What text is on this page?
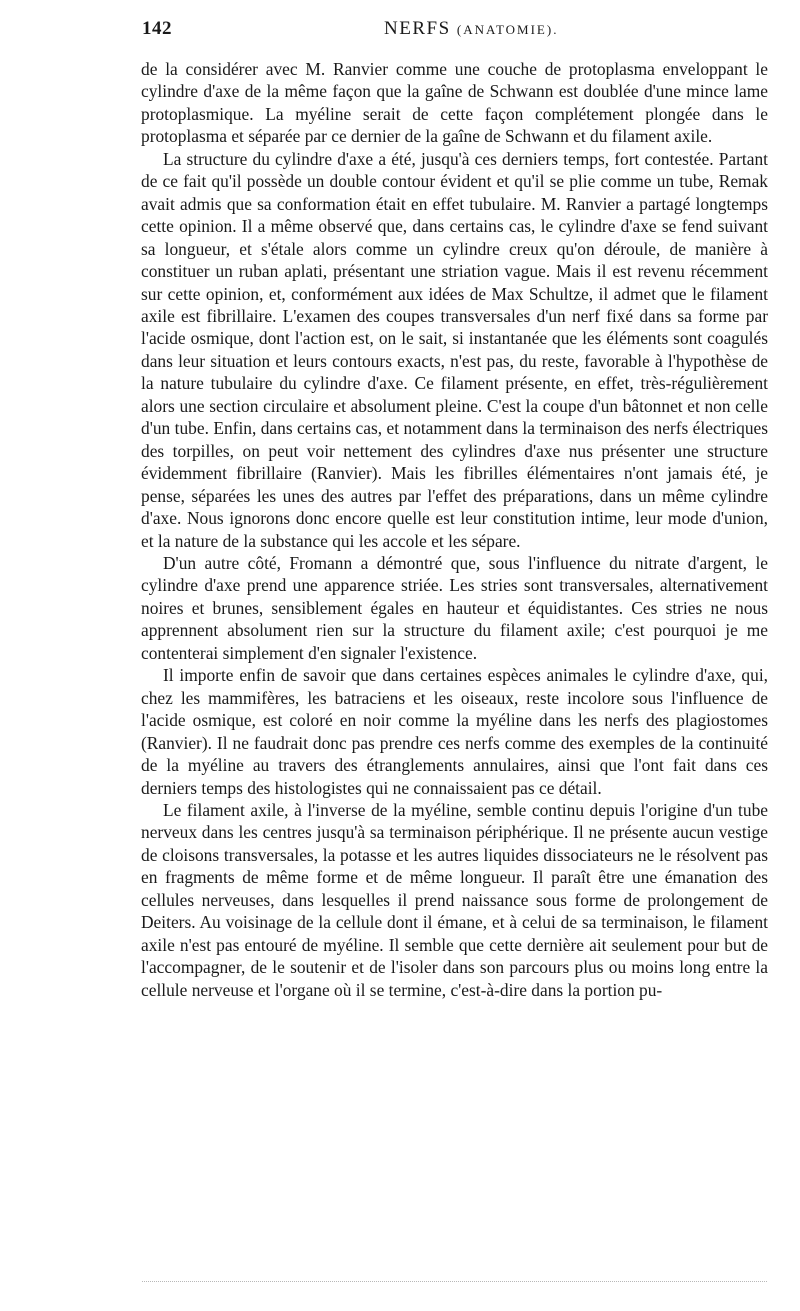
142	NERFS (ANATOMIE).

de la considérer avec M. Ranvier comme une couche de protoplasma enveloppant le cylindre d'axe de la même façon que la gaîne de Schwann est doublée d'une mince lame protoplasmique. La myéline serait de cette façon complétement plongée dans le protoplasma et séparée par ce dernier de la gaîne de Schwann et du filament axile.

La structure du cylindre d'axe a été, jusqu'à ces derniers temps, fort contestée. Partant de ce fait qu'il possède un double contour évident et qu'il se plie comme un tube, Remak avait admis que sa conformation était en effet tubulaire. M. Ranvier a partagé longtemps cette opinion. Il a même observé que, dans certains cas, le cylindre d'axe se fend suivant sa longueur, et s'étale alors comme un cylindre creux qu'on déroule, de manière à constituer un ruban aplati, présentant une striation vague. Mais il est revenu récemment sur cette opinion, et, conformément aux idées de Max Schultze, il admet que le filament axile est fibrillaire. L'examen des coupes transversales d'un nerf fixé dans sa forme par l'acide osmique, dont l'action est, on le sait, si instantanée que les éléments sont coagulés dans leur situation et leurs contours exacts, n'est pas, du reste, favorable à l'hypothèse de la nature tubulaire du cylindre d'axe. Ce filament présente, en effet, très-régulièrement alors une section circulaire et absolument pleine. C'est la coupe d'un bâtonnet et non celle d'un tube. Enfin, dans certains cas, et notamment dans la terminaison des nerfs électriques des torpilles, on peut voir nettement des cylindres d'axe nus présenter une structure évidemment fibrillaire (Ranvier). Mais les fibrilles élémentaires n'ont jamais été, je pense, séparées les unes des autres par l'effet des préparations, dans un même cylindre d'axe. Nous ignorons donc encore quelle est leur constitution intime, leur mode d'union, et la nature de la substance qui les accole et les sépare.

D'un autre côté, Fromann a démontré que, sous l'influence du nitrate d'argent, le cylindre d'axe prend une apparence striée. Les stries sont transversales, alternativement noires et brunes, sensiblement égales en hauteur et équidistantes. Ces stries ne nous apprennent absolument rien sur la structure du filament axile; c'est pourquoi je me contenterai simplement d'en signaler l'existence.

Il importe enfin de savoir que dans certaines espèces animales le cylindre d'axe, qui, chez les mammifères, les batraciens et les oiseaux, reste incolore sous l'influence de l'acide osmique, est coloré en noir comme la myéline dans les nerfs des plagiostomes (Ranvier). Il ne faudrait donc pas prendre ces nerfs comme des exemples de la continuité de la myéline au travers des étranglements annulaires, ainsi que l'ont fait dans ces derniers temps des histologistes qui ne connaissaient pas ce détail.

Le filament axile, à l'inverse de la myéline, semble continu depuis l'origine d'un tube nerveux dans les centres jusqu'à sa terminaison périphérique. Il ne présente aucun vestige de cloisons transversales, la potasse et les autres liquides dissociateurs ne le résolvent pas en fragments de même forme et de même longueur. Il paraît être une émanation des cellules nerveuses, dans lesquelles il prend naissance sous forme de prolongement de Deiters. Au voisinage de la cellule dont il émane, et à celui de sa terminaison, le filament axile n'est pas entouré de myéline. Il semble que cette dernière ait seulement pour but de l'accompagner, de le soutenir et de l'isoler dans son parcours plus ou moins long entre la cellule nerveuse et l'organe où il se termine, c'est-à-dire dans la portion pu-
